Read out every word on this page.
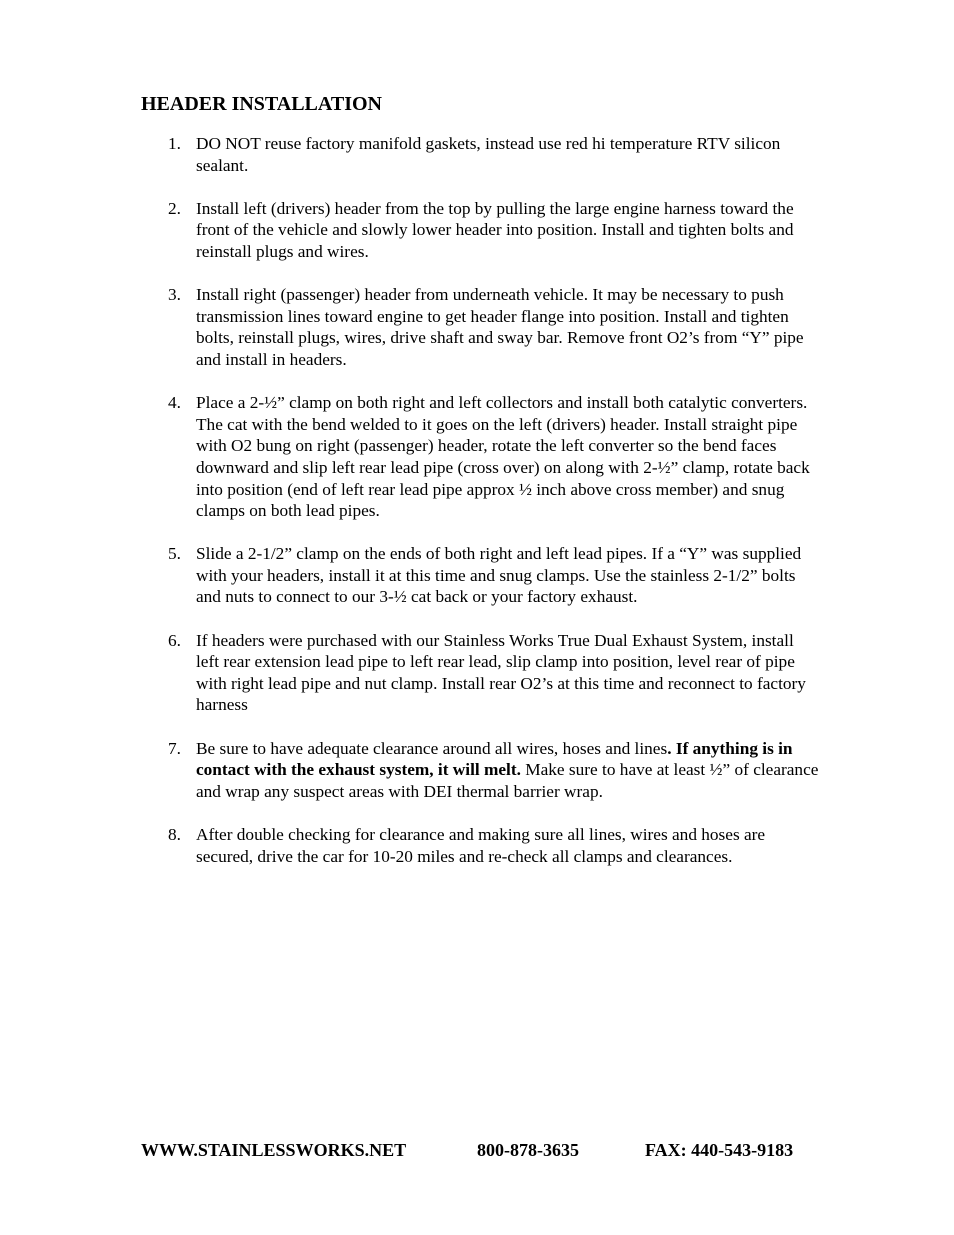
HEADER INSTALLATION
1. DO NOT reuse factory manifold gaskets, instead use red hi temperature RTV silicon sealant.
2. Install left (drivers) header from the top by pulling the large engine harness toward the front of the vehicle and slowly lower header into position. Install and tighten bolts and reinstall plugs and wires.
3. Install right (passenger) header from underneath vehicle. It may be necessary to push transmission lines toward engine to get header flange into position. Install and tighten bolts, reinstall plugs, wires, drive shaft and sway bar. Remove front O2’s from “Y” pipe and install in headers.
4. Place a 2-½” clamp on both right and left collectors and install both catalytic converters. The cat with the bend welded to it goes on the left (drivers) header. Install straight pipe with O2 bung on right (passenger) header, rotate the left converter so the bend faces downward and slip left rear lead pipe (cross over) on along with 2-½” clamp, rotate back into position (end of left rear lead pipe approx ½ inch above cross member) and snug clamps on both lead pipes.
5. Slide a 2-1/2” clamp on the ends of both right and left lead pipes. If a “Y” was supplied with your headers, install it at this time and snug clamps. Use the stainless 2-1/2” bolts and nuts to connect to our 3-½ cat back or your factory exhaust.
6. If headers were purchased with our Stainless Works True Dual Exhaust System, install left rear extension lead pipe to left rear lead, slip clamp into position, level rear of pipe with right lead pipe and nut clamp. Install rear O2’s at this time and reconnect to factory harness
7. Be sure to have adequate clearance around all wires, hoses and lines. If anything is in contact with the exhaust system, it will melt. Make sure to have at least ½” of clearance and wrap any suspect areas with DEI thermal barrier wrap.
8. After double checking for clearance and making sure all lines, wires and hoses are secured, drive the car for 10-20 miles and re-check all clamps and clearances.
WWW.STAINLESSWORKS.NET	800-878-3635	FAX: 440-543-9183
